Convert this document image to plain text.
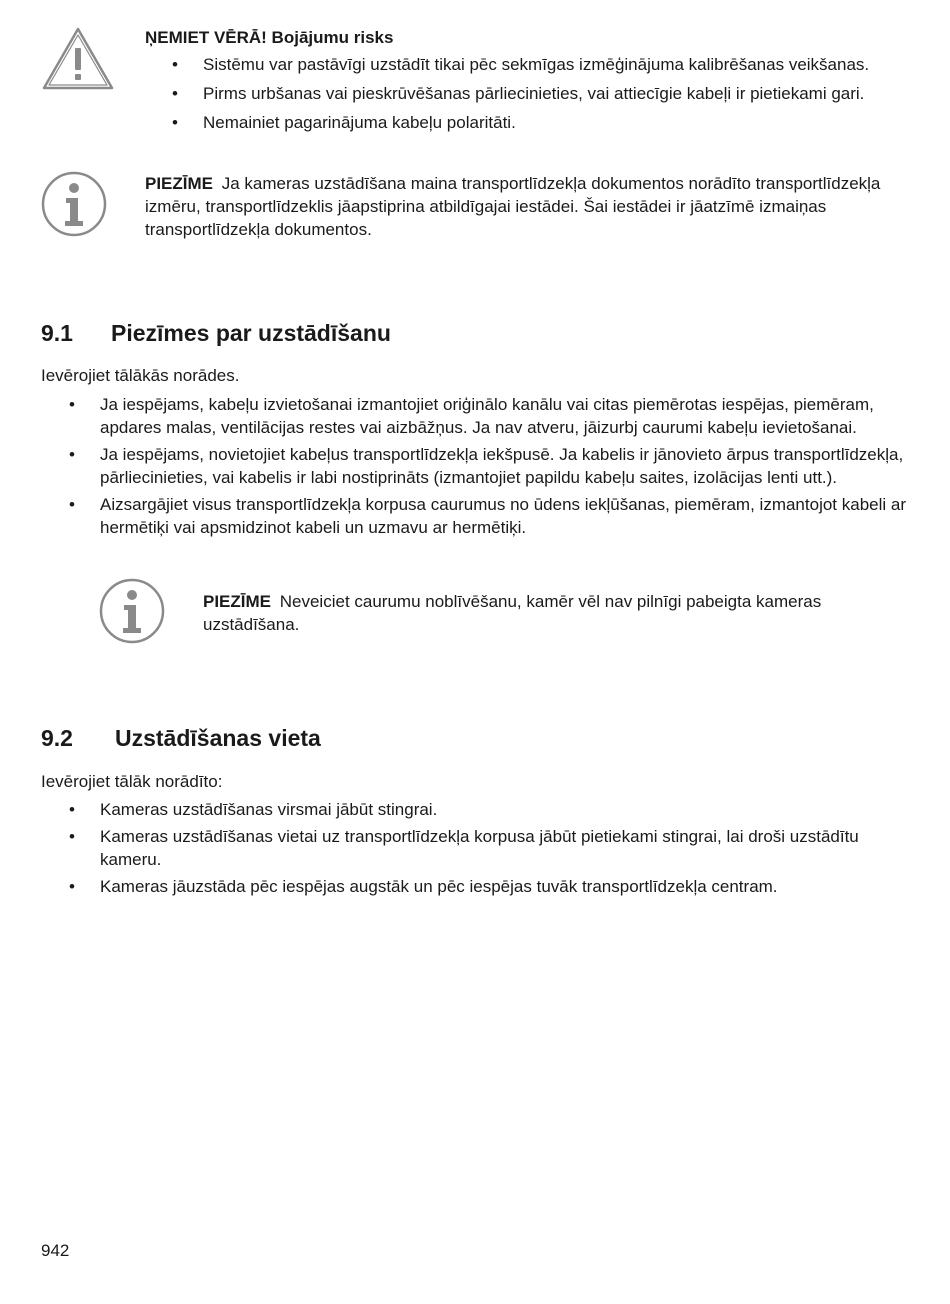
ŅEMIET VĒRĀ! Bojājumu risks
• Sistēmu var pastāvīgi uzstādīt tikai pēc sekmīgas izmēģinājuma kalibrēšanas veikšanas.
• Pirms urbšanas vai pieskrūvēšanas pārliecinieties, vai attiecīgie kabeļi ir pietiekami gari.
• Nemainiet pagarinājuma kabeļu polaritāti.
PIEZĪME Ja kameras uzstādīšana maina transportlīdzekļa dokumentos norādīto transportlīdzekļa izmēru, transportlīdzeklis jāapstiprina atbildīgajai iestādei. Šai iestādei ir jāatzīmē izmaiņas transportlīdzekļa dokumentos.
9.1 Piezīmes par uzstādīšanu
Ievērojiet tālākās norādes.
• Ja iespējams, kabeļu izvietošanai izmantojiet oriģinālo kanālu vai citas piemērotas iespējas, piemēram, apdares malas, ventilācijas restes vai aizbāžņus. Ja nav atveru, jāizurbj caurumi kabeļu ievietošanai.
• Ja iespējams, novietojiet kabeļus transportlīdzekļa iekšpusē. Ja kabelis ir jānovieto ārpus transportlīdzekļa, pārliecinieties, vai kabelis ir labi nostiprināts (izmantojiet papildu kabeļu saites, izolācijas lenti utt.).
• Aizsargājiet visus transportlīdzekļa korpusa caurumus no ūdens iekļūšanas, piemēram, izmantojot kabeli ar hermētiķi vai apsmidzinot kabeli un uzmavu ar hermētiķi.
PIEZĪME Neveiciet caurumu noblīvēšanu, kamēr vēl nav pilnīgi pabeigta kameras uzstādīšana.
9.2 Uzstādīšanas vieta
Ievērojiet tālāk norādīto:
• Kameras uzstādīšanas virsmai jābūt stingrai.
• Kameras uzstādīšanas vietai uz transportlīdzekļa korpusa jābūt pietiekami stingrai, lai droši uzstādītu kameru.
• Kameras jāuzstāda pēc iespējas augstāk un pēc iespējas tuvāk transportlīdzekļa centram.
942
